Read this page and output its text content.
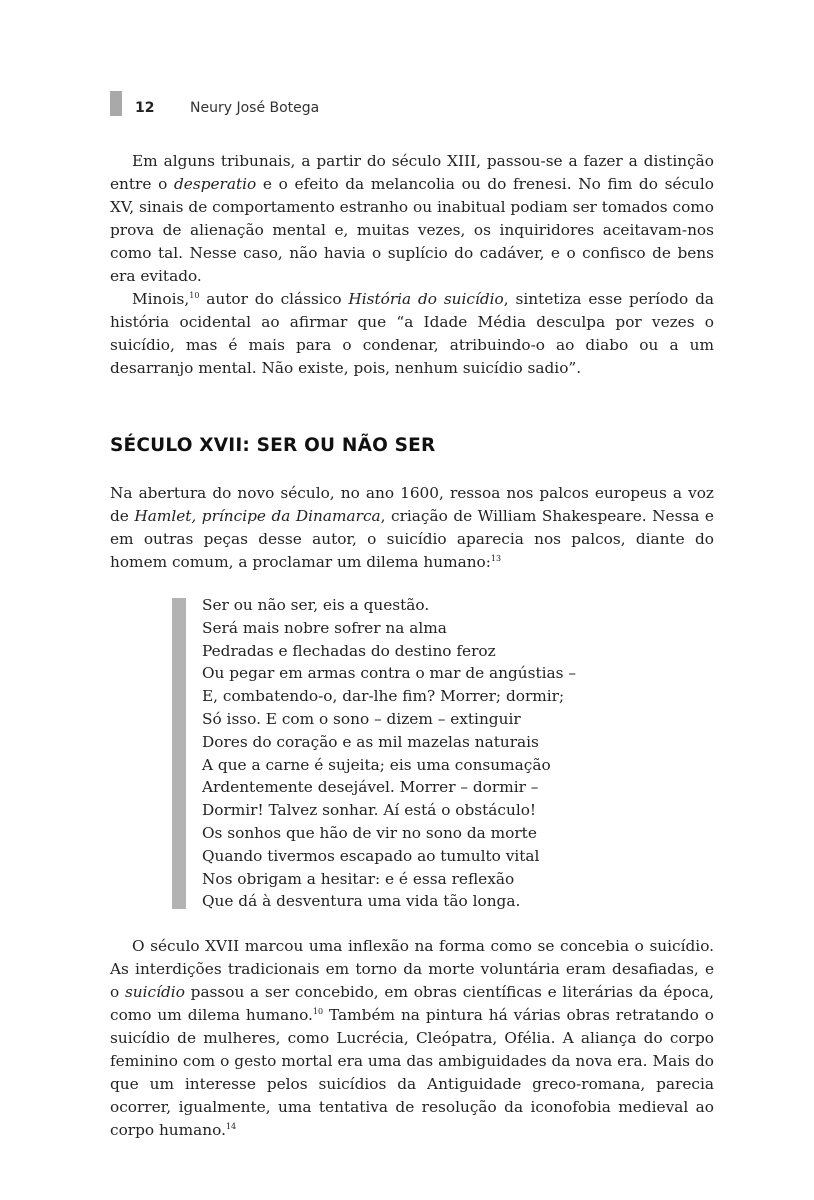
12	Neury José Botega

Em alguns tribunais, a partir do século XIII, passou-se a fazer a distinção entre o desperatio e o efeito da melancolia ou do frenesi. No fim do século XV, sinais de comportamento estranho ou inabitual podiam ser tomados como prova de alienação mental e, muitas vezes, os inquiridores aceitavam-nos como tal. Nesse caso, não havia o suplício do cadáver, e o confisco de bens era evitado.

Minois,$^{10}$ autor do clássico História do suicídio, sintetiza esse período da história ocidental ao afirmar que “a Idade Média desculpa por vezes o suicídio, mas é mais para o condenar, atribuindo-o ao diabo ou a um desarranjo mental. Não existe, pois, nenhum suicídio sadio”.

SÉCULO XVII: SER OU NÃO SER

Na abertura do novo século, no ano 1600, ressoa nos palcos europeus a voz de Hamlet, príncipe da Dinamarca, criação de William Shakespeare. Nessa e em outras peças desse autor, o suicídio aparecia nos palcos, diante do homem comum, a proclamar um dilema humano:$^{13}$

Ser ou não ser, eis a questão.
Será mais nobre sofrer na alma
Pedradas e flechadas do destino feroz
Ou pegar em armas contra o mar de angústias –
E, combatendo-o, dar-lhe fim? Morrer; dormir;
Só isso. E com o sono – dizem – extinguir
Dores do coração e as mil mazelas naturais
A que a carne é sujeita; eis uma consumação
Ardentemente desejável. Morrer – dormir –
Dormir! Talvez sonhar. Aí está o obstáculo!
Os sonhos que hão de vir no sono da morte
Quando tivermos escapado ao tumulto vital
Nos obrigam a hesitar: e é essa reflexão
Que dá à desventura uma vida tão longa.

O século XVII marcou uma inflexão na forma como se concebia o suicídio. As interdições tradicionais em torno da morte voluntária eram desafiadas, e o suicídio passou a ser concebido, em obras científicas e literárias da época, como um dilema humano.$^{10}$ Também na pintura há várias obras retratando o suicídio de mulheres, como Lucrécia, Cleópatra, Ofélia. A aliança do corpo feminino com o gesto mortal era uma das ambiguidades da nova era. Mais do que um interesse pelos suicídios da Antiguidade greco-romana, parecia ocorrer, igualmente, uma tentativa de resolução da iconofobia medieval ao corpo humano.$^{14}$
